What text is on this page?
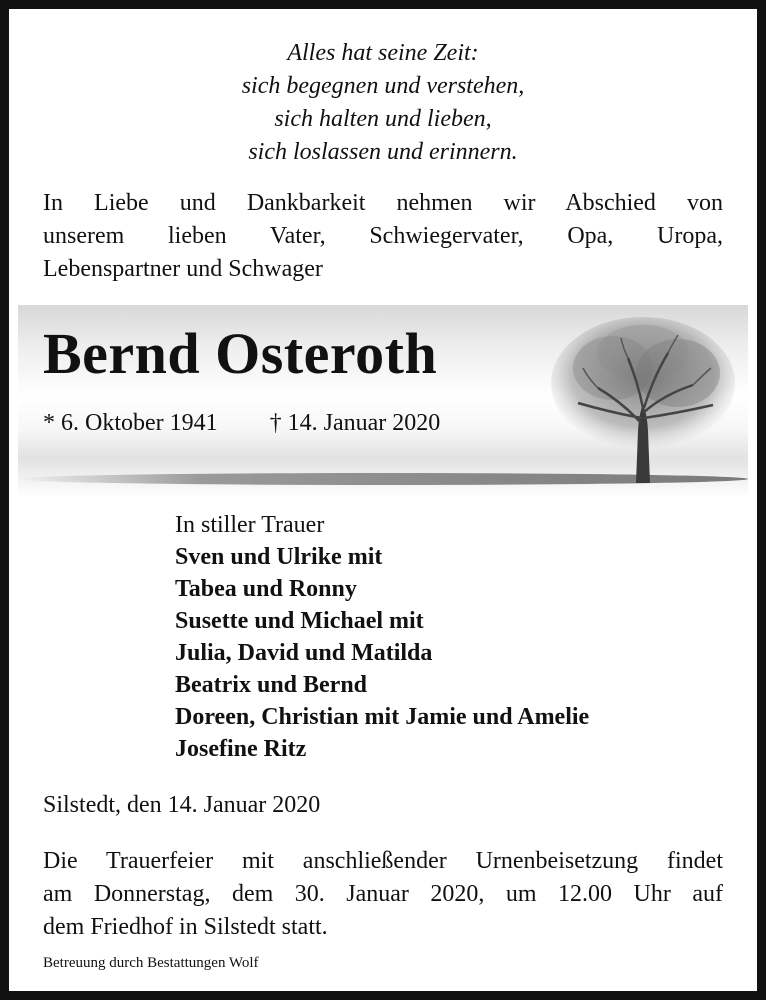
Alles hat seine Zeit:
sich begegnen und verstehen,
sich halten und lieben,
sich loslassen und erinnern.
In Liebe und Dankbarkeit nehmen wir Abschied von
unserem lieben Vater, Schwiegervater, Opa, Uropa,
Lebenspartner und Schwager
Bernd Osteroth
* 6. Oktober 1941 † 14. Januar 2020
In stiller Trauer
Sven und Ulrike mit
Tabea und Ronny
Susette und Michael mit
Julia, David und Matilda
Beatrix und Bernd
Doreen, Christian mit Jamie und Amelie
Josefine Ritz
Silstedt, den 14. Januar 2020
Die Trauerfeier mit anschließender Urnenbeisetzung findet
am Donnerstag, dem 30. Januar 2020, um 12.00 Uhr auf
dem Friedhof in Silstedt statt.
Betreuung durch Bestattungen Wolf
